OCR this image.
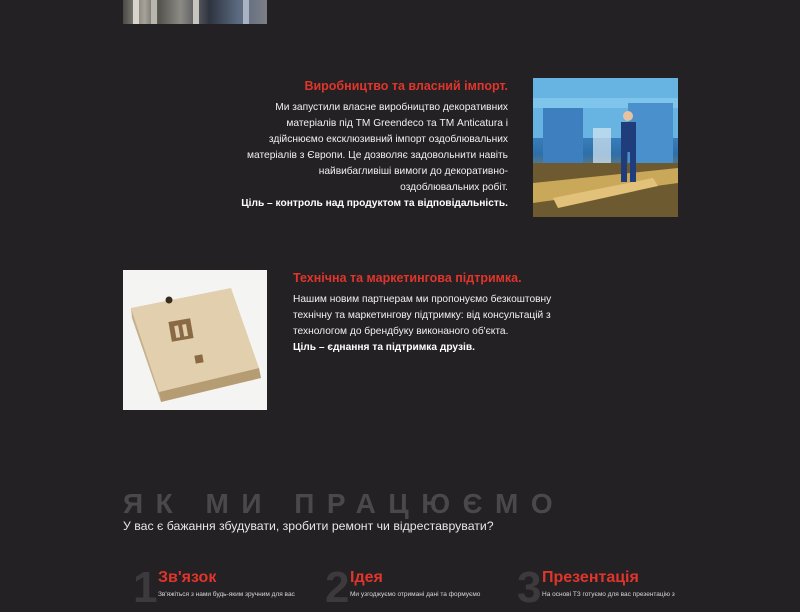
Виробництво та власний імпорт.

Ми запустили власне виробництво декоративних

матеріалів під ТМ Greendeco та ТМ Anticatura і

здійснюємо ексклюзивний імпорт оздоблювальних

матеріалів з Європи. Це дозволяє задовольнити навіть

найвибагливіші вимоги до декоративно-

оздоблювальних робіт.

Ціль – контроль над продуктом та відповідальність.

Технічна та маркетингова підтримка.

Нашим новим партнерам ми пропонуємо безкоштовну

технічну та маркетингову підтримку: від консультацій з

технологом до брендбуку виконаного об'єкта.

Ціль – єднання та підтримка друзів.

ЯК МИ ПРАЦЮЄМО
У вас є бажання збудувати, зробити ремонт чи відреставрувати?
1 Зв'язок
Зв'яжіться з нами будь-яким зручним для вас 2 Ідея
Ми узгоджуємо отримані дані та формуємо 3 Презентація
На основі ТЗ готуємо для вас презентацію з
